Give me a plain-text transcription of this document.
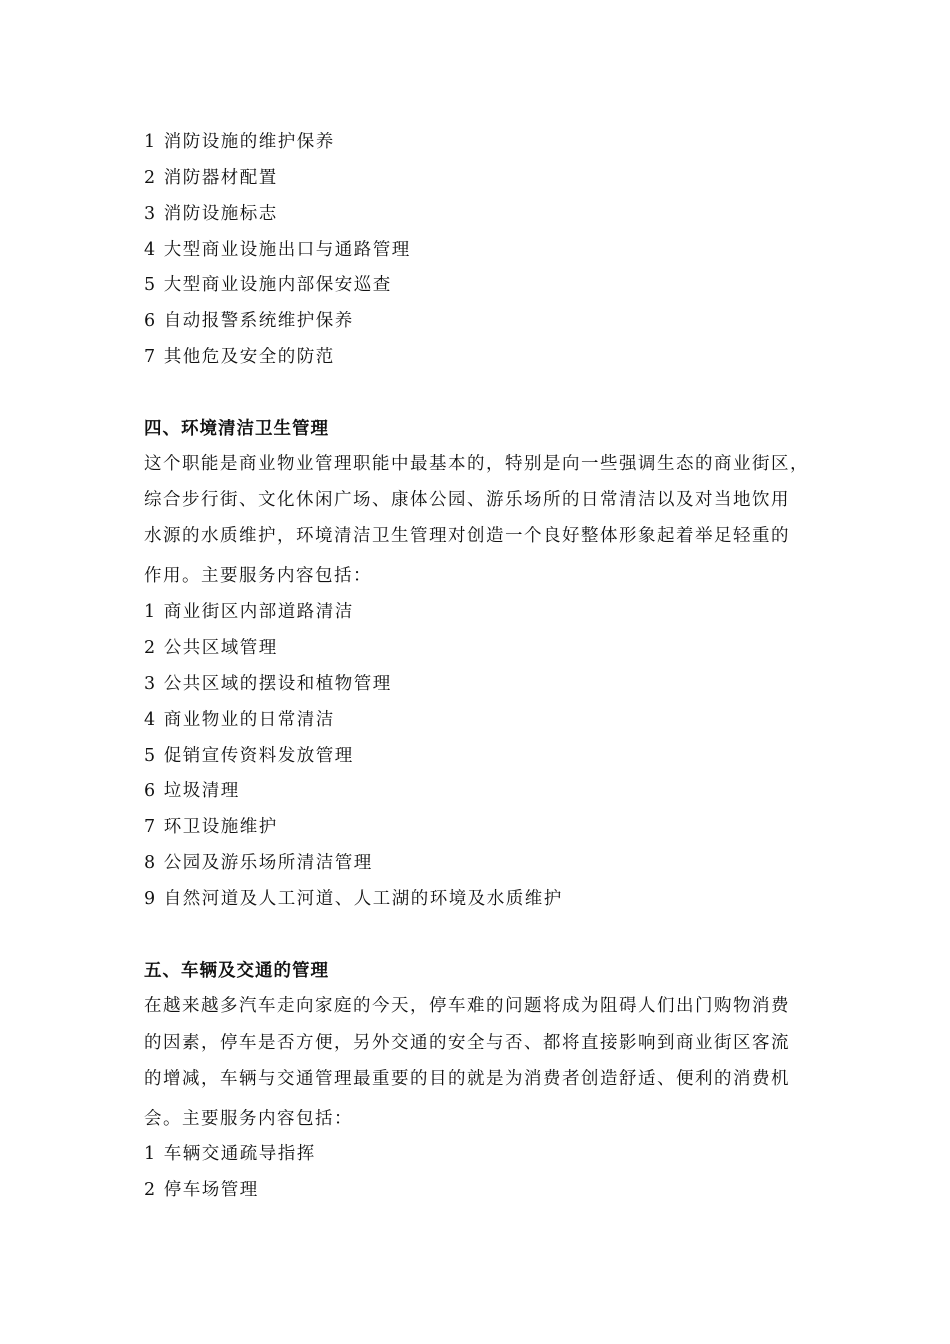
1 消防设施的维护保养
2 消防器材配置
3 消防设施标志
4 大型商业设施出口与通路管理
5 大型商业设施内部保安巡查
6 自动报警系统维护保养
7 其他危及安全的防范
四、环境清洁卫生管理
这个职能是商业物业管理职能中最基本的，特别是向一些强调生态的商业街区，
综合步行街、文化休闲广场、康体公园、游乐场所的日常清洁以及对当地饮用
水源的水质维护，环境清洁卫生管理对创造一个良好整体形象起着举足轻重的
作用。主要服务内容包括：
1 商业街区内部道路清洁
2 公共区域管理
3 公共区域的摆设和植物管理
4 商业物业的日常清洁
5 促销宣传资料发放管理
6 垃圾清理
7 环卫设施维护
8 公园及游乐场所清洁管理
9 自然河道及人工河道、人工湖的环境及水质维护
五、车辆及交通的管理
在越来越多汽车走向家庭的今天，停车难的问题将成为阻碍人们出门购物消费
的因素，停车是否方便，另外交通的安全与否、都将直接影响到商业街区客流
的增减，车辆与交通管理最重要的目的就是为消费者创造舒适、便利的消费机
会。主要服务内容包括：
1 车辆交通疏导指挥
2 停车场管理
